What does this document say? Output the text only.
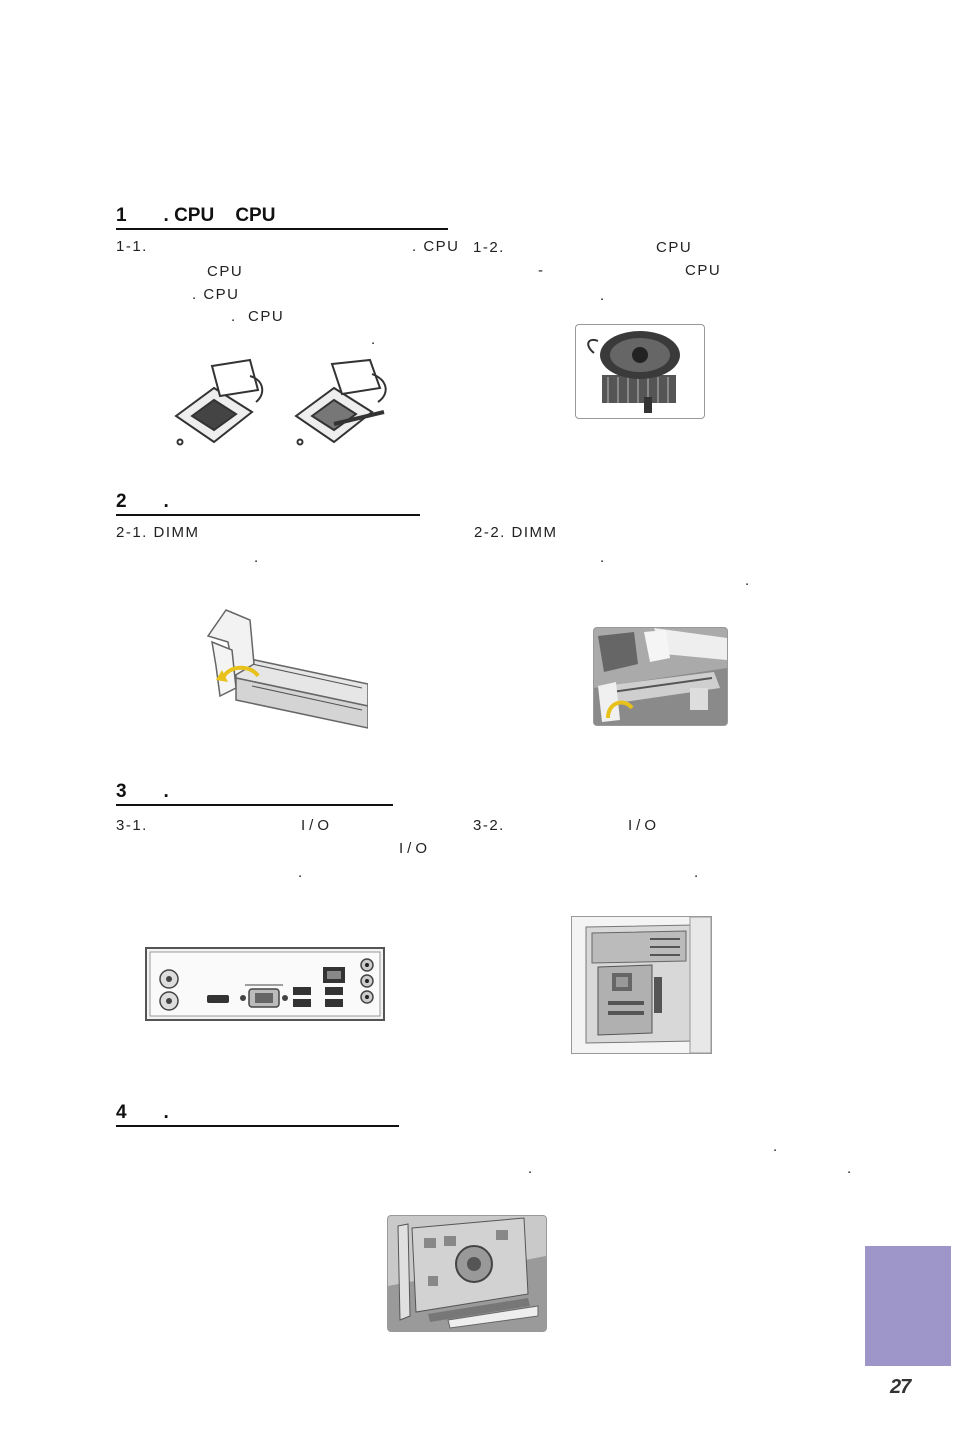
1 . CPU    CPU
1-1.	. CPU
CPU
. CPU
.  CPU
.
1-2.	CPU
-	CPU
.
2 .
2-1. DIMM
.
2-2. DIMM
.
.
3 .
3-1.	I/O
I/O
.
3-2.	I/O
.
4 .
.
.	.
27
